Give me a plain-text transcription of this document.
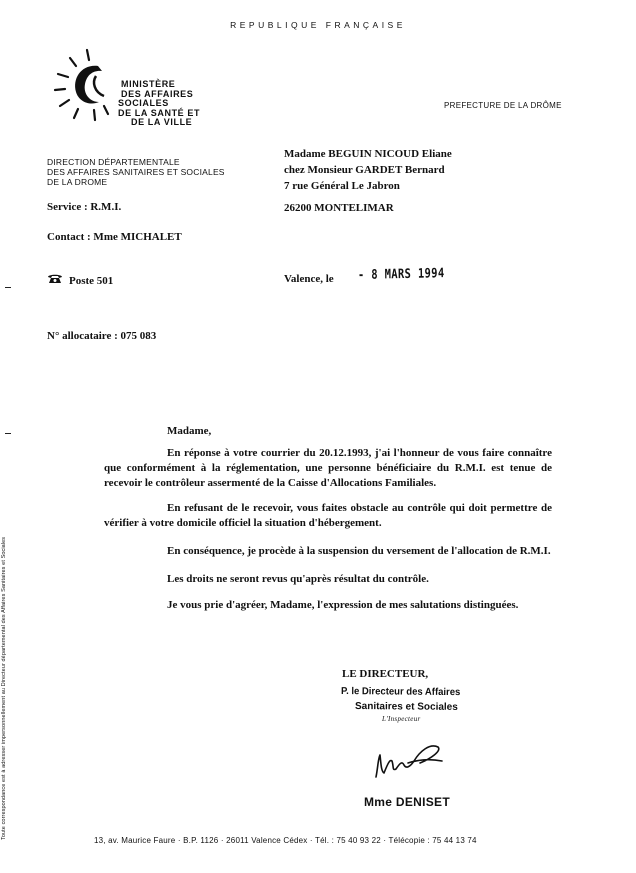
REPUBLIQUE FRANÇAISE
MINISTÈRE
DES AFFAIRES
SOCIALES
DE LA SANTÉ ET
DE LA VILLE
PREFECTURE DE LA DRÔME
DIRECTION DÉPARTEMENTALE
DES AFFAIRES SANITAIRES ET SOCIALES
DE LA DROME
Service : R.M.I.
Contact : Mme MICHALET
Poste 501
N° allocataire : 075 083
Madame BEGUIN NICOUD Eliane
chez Monsieur GARDET Bernard
7 rue Général Le Jabron
26200 MONTELIMAR
Valence, le - 8 MARS 1994
Madame,

En réponse à votre courrier du 20.12.1993, j'ai l'honneur de vous faire connaître que conformément à la réglementation, une personne bénéficiaire du R.M.I. est tenue de recevoir le contrôleur assermenté de la Caisse d'Allocations Familiales.

En refusant de le recevoir, vous faites obstacle au contrôle qui doit permettre de vérifier à votre domicile officiel la situation d'hébergement.

En conséquence, je procède à la suspension du versement de l'allocation de R.M.I.

Les droits ne seront revus qu'après résultat du contrôle.

Je vous prie d'agréer, Madame, l'expression de mes salutations distinguées.

LE DIRECTEUR,
P. le Directeur des Affaires
Sanitaires et Sociales
L'Inspecteur
Mme DENISET
13, av. Maurice Faure · B.P. 1126 · 26011 Valence Cédex · Tél. : 75 40 93 22 · Télécopie : 75 44 13 74
Toute correspondance est à adresser impersonnellement au Directeur départemental des Affaires Sanitaires et Sociales
